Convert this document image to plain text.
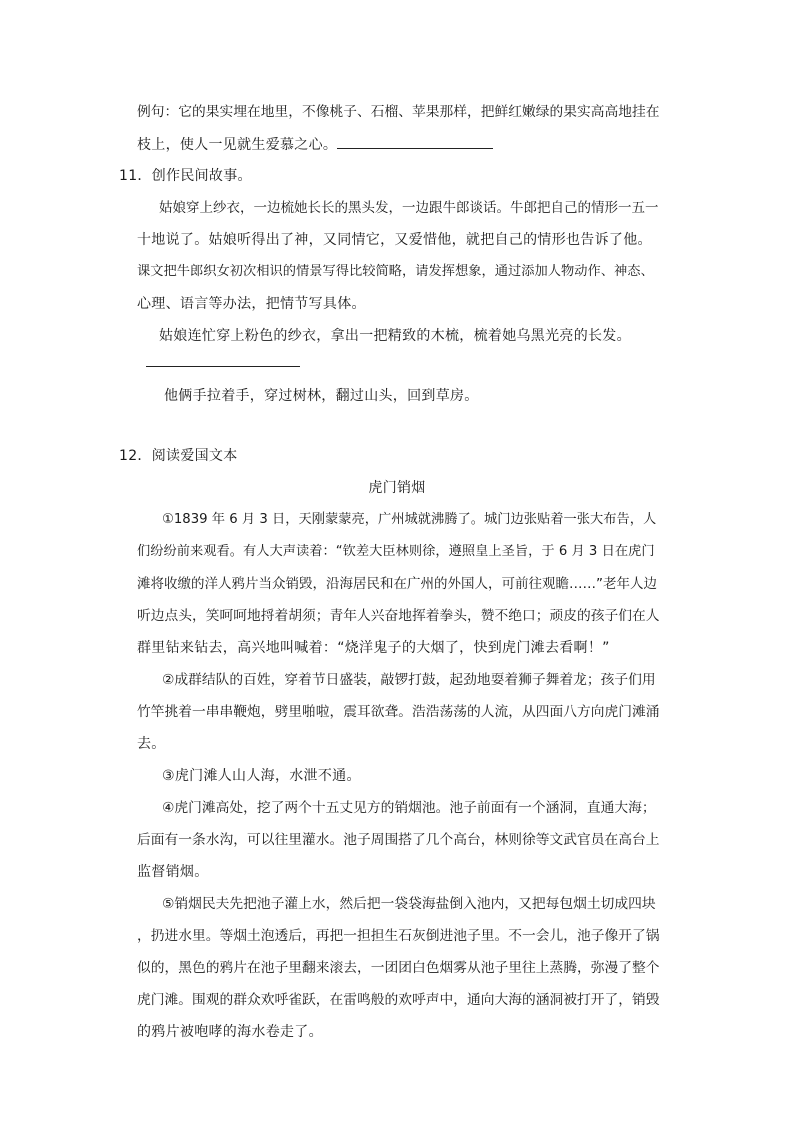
例句：它的果实埋在地里，不像桃子、石榴、苹果那样，把鲜红嫩绿的果实高高地挂在
枝上，使人一见就生爱慕之心。
11．创作民间故事。
姑娘穿上纱衣，一边梳她长长的黑头发，一边跟牛郎谈话。牛郎把自己的情形一五一
十地说了。姑娘听得出了神，又同情它，又爱惜他，就把自己的情形也告诉了他。
课文把牛郎织女初次相识的情景写得比较简略，请发挥想象，通过添加人物动作、神态、
心理、语言等办法，把情节写具体。
姑娘连忙穿上粉色的纱衣，拿出一把精致的木梳，梳着她乌黑光亮的长发。
他俩手拉着手，穿过树林，翻过山头，回到草房。
12．阅读爱国文本
虎门销烟
①1839 年 6 月 3 日，天刚蒙蒙亮，广州城就沸腾了。城门边张贴着一张大布告，人
们纷纷前来观看。有人大声读着：“钦差大臣林则徐，遵照皇上圣旨，于 6 月 3 日在虎门
滩将收缴的洋人鸦片当众销毁，沿海居民和在广州的外国人，可前往观瞻……”老年人边
听边点头，笑呵呵地捋着胡须；青年人兴奋地挥着拳头，赞不绝口；顽皮的孩子们在人
群里钻来钻去，高兴地叫喊着：“烧洋鬼子的大烟了，快到虎门滩去看啊！”
②成群结队的百姓，穿着节日盛装，敲锣打鼓，起劲地耍着狮子舞着龙；孩子们用
竹竿挑着一串串鞭炮，劈里啪啦，震耳欲聋。浩浩荡荡的人流，从四面八方向虎门滩涌
去。
③虎门滩人山人海，水泄不通。
④虎门滩高处，挖了两个十五丈见方的销烟池。池子前面有一个涵洞，直通大海；
后面有一条水沟，可以往里灌水。池子周围搭了几个高台，林则徐等文武官员在高台上
监督销烟。
⑤销烟民夫先把池子灌上水，然后把一袋袋海盐倒入池内，又把每包烟土切成四块
，扔进水里。等烟土泡透后，再把一担担生石灰倒进池子里。不一会儿，池子像开了锅
似的，黑色的鸦片在池子里翻来滚去，一团团白色烟雾从池子里往上蒸腾，弥漫了整个
虎门滩。围观的群众欢呼雀跃，在雷鸣般的欢呼声中，通向大海的涵洞被打开了，销毁
的鸦片被咆哮的海水卷走了。
